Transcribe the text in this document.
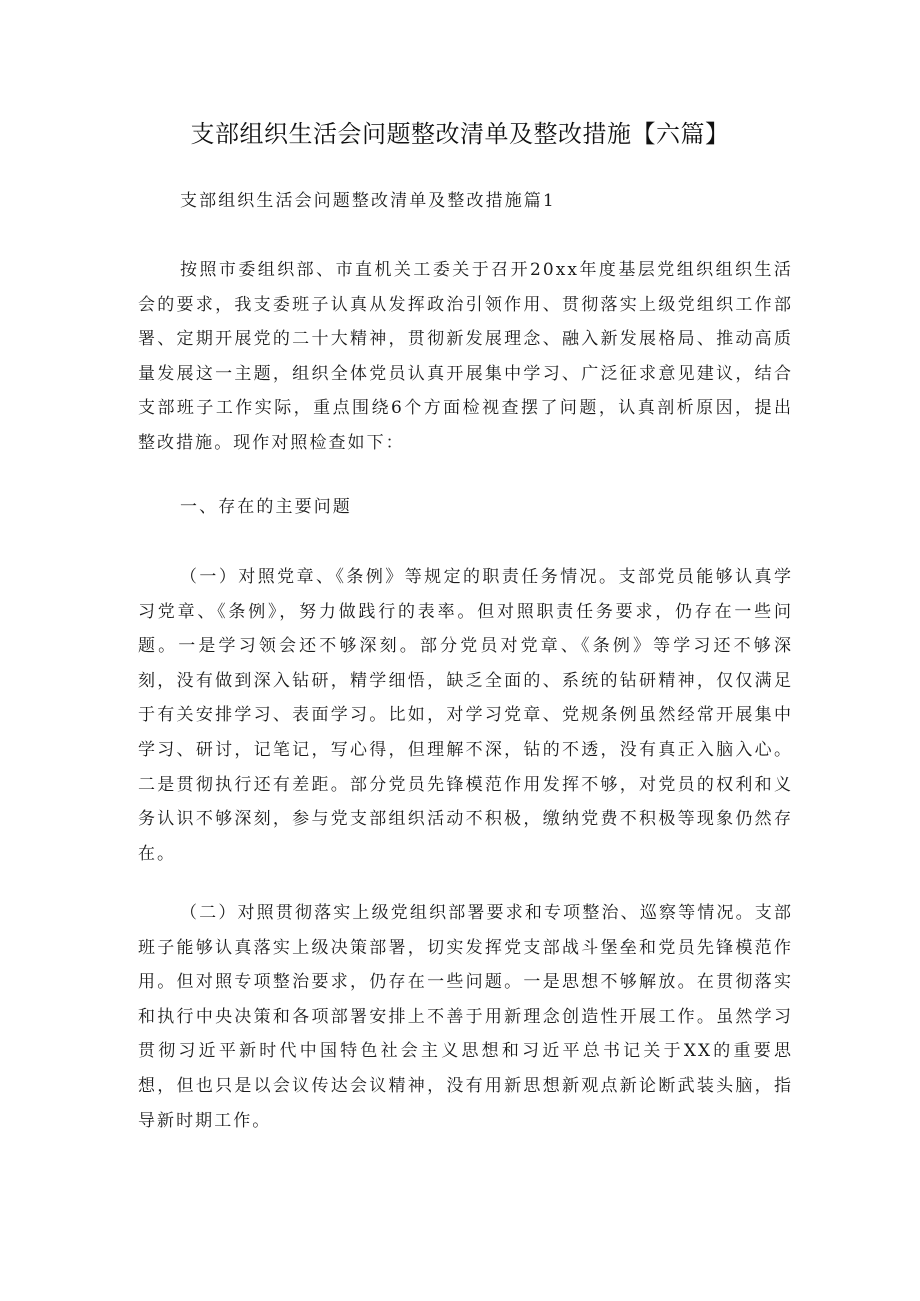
支部组织生活会问题整改清单及整改措施【六篇】
支部组织生活会问题整改清单及整改措施篇1

按照市委组织部、市直机关工委关于召开20xx年度基层党组织组织生活会的要求，我支委班子认真从发挥政治引领作用、贯彻落实上级党组织工作部署、定期开展党的二十大精神，贯彻新发展理念、融入新发展格局、推动高质量发展这一主题，组织全体党员认真开展集中学习、广泛征求意见建议，结合支部班子工作实际，重点围绕6个方面检视查摆了问题，认真剖析原因，提出整改措施。现作对照检查如下：

一、存在的主要问题

（一）对照党章、《条例》等规定的职责任务情况。支部党员能够认真学习党章、《条例》，努力做践行的表率。但对照职责任务要求，仍存在一些问题。一是学习领会还不够深刻。部分党员对党章、《条例》等学习还不够深刻，没有做到深入钻研，精学细悟，缺乏全面的、系统的钻研精神，仅仅满足于有关安排学习、表面学习。比如，对学习党章、党规条例虽然经常开展集中学习、研讨，记笔记，写心得，但理解不深，钻的不透，没有真正入脑入心。二是贯彻执行还有差距。部分党员先锋模范作用发挥不够，对党员的权利和义务认识不够深刻，参与党支部组织活动不积极，缴纳党费不积极等现象仍然存在。

（二）对照贯彻落实上级党组织部署要求和专项整治、巡察等情况。支部班子能够认真落实上级决策部署，切实发挥党支部战斗堡垒和党员先锋模范作用。但对照专项整治要求，仍存在一些问题。一是思想不够解放。在贯彻落实和执行中央决策和各项部署安排上不善于用新理念创造性开展工作。虽然学习贯彻习近平新时代中国特色社会主义思想和习近平总书记关于XX的重要思想，但也只是以会议传达会议精神，没有用新思想新观点新论断武装头脑，指导新时期工作。
